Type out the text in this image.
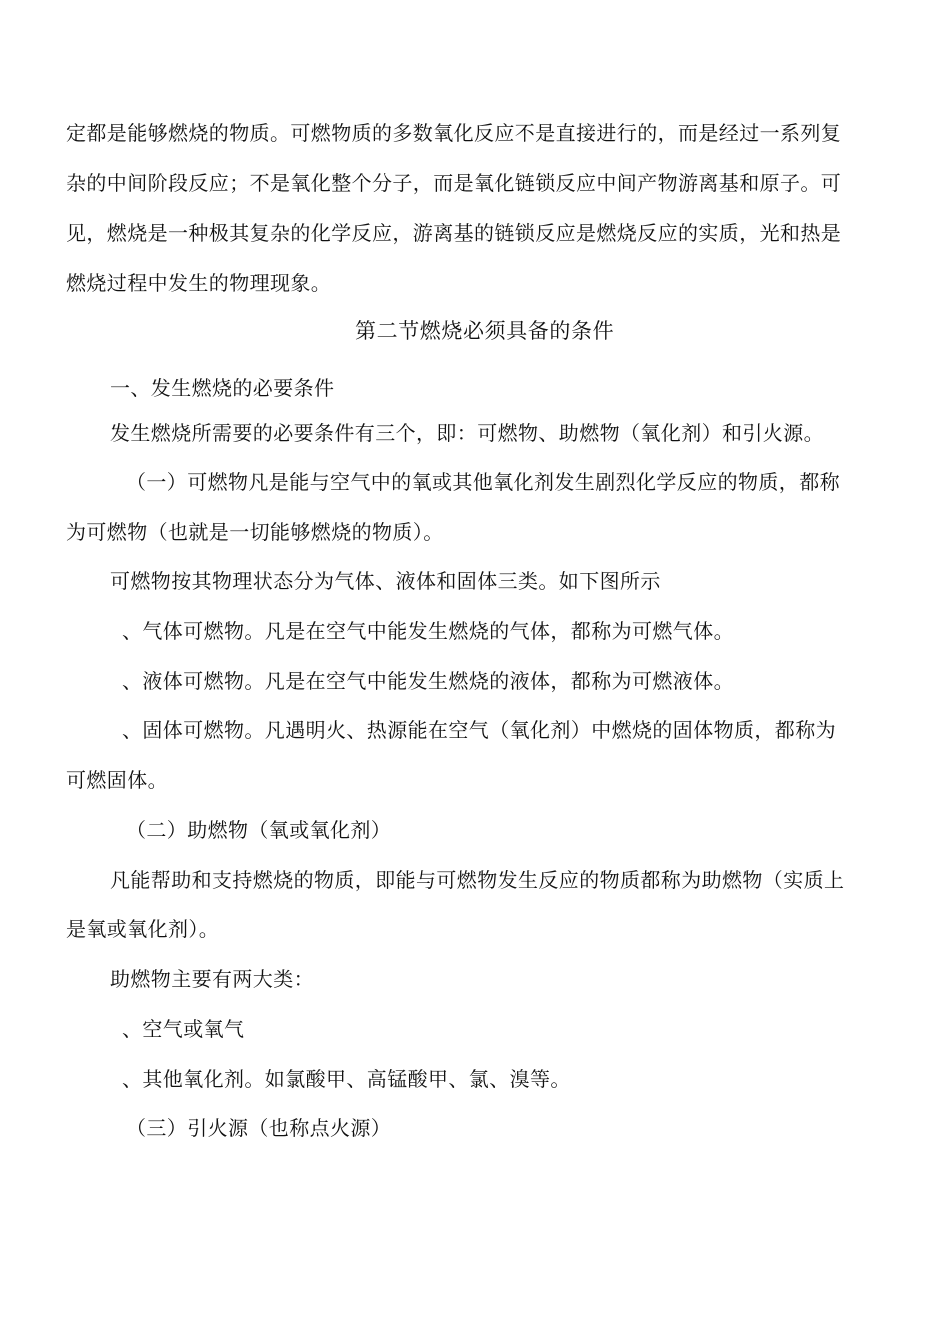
定都是能够燃烧的物质。可燃物质的多数氧化反应不是直接进行的，而是经过一系列复
杂的中间阶段反应；不是氧化整个分子，而是氧化链锁反应中间产物游离基和原子。可
见，燃烧是一种极其复杂的化学反应，游离基的链锁反应是燃烧反应的实质，光和热是
燃烧过程中发生的物理现象。
第二节燃烧必须具备的条件
一、发生燃烧的必要条件
发生燃烧所需要的必要条件有三个，即：可燃物、助燃物（氧化剂）和引火源。
（一）可燃物凡是能与空气中的氧或其他氧化剂发生剧烈化学反应的物质，都称
为可燃物（也就是一切能够燃烧的物质）。
可燃物按其物理状态分为气体、液体和固体三类。如下图所示
、气体可燃物。凡是在空气中能发生燃烧的气体，都称为可燃气体。
、液体可燃物。凡是在空气中能发生燃烧的液体，都称为可燃液体。
、固体可燃物。凡遇明火、热源能在空气（氧化剂）中燃烧的固体物质，都称为
可燃固体。
（二）助燃物（氧或氧化剂）
凡能帮助和支持燃烧的物质，即能与可燃物发生反应的物质都称为助燃物（实质上
是氧或氧化剂）。
助燃物主要有两大类：
、空气或氧气
、其他氧化剂。如氯酸甲、高锰酸甲、氯、溴等。
（三）引火源（也称点火源）
